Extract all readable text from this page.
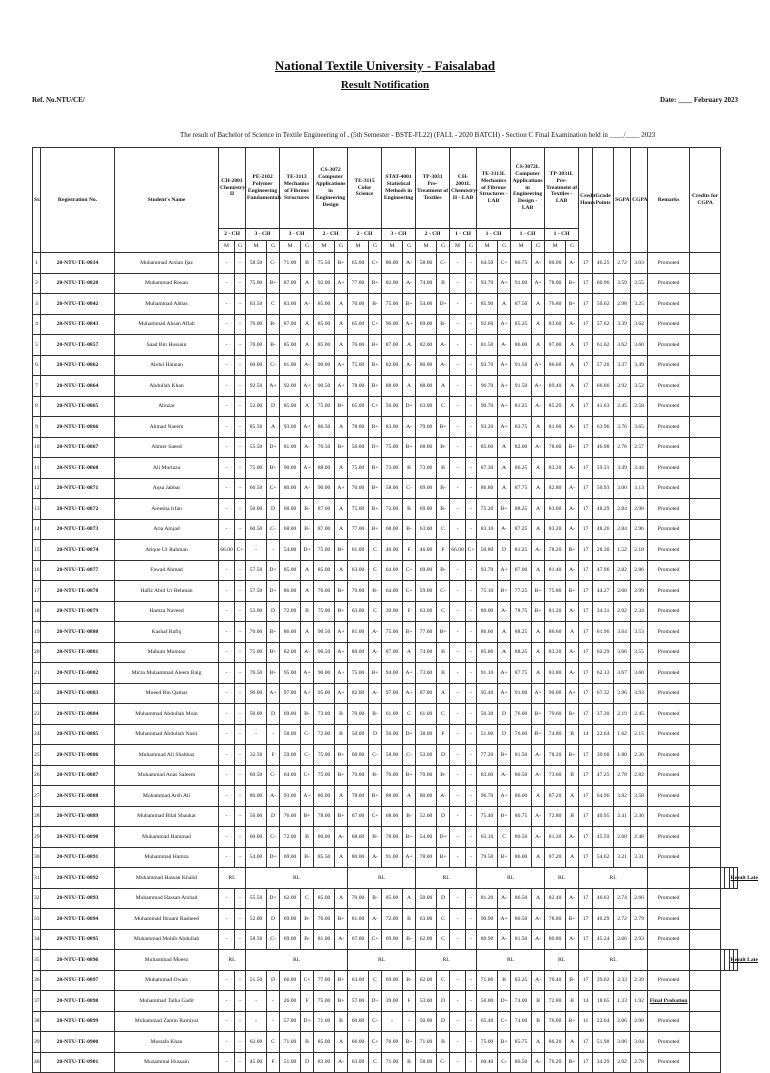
National Textile University - Faisalabad
Result Notification
Ref. No.NTU/CE/	Date: ____ February 2023
The result of Bachelor of Science in Textile Engineering of , (5th Semester - BSTE-FL22) (FALL - 2020 BATCH) - Section C Final Examination held in ____/____ 2023
Sr.	Registration No.	Student's Name	CH-2001 Chemistry-II		PE-2102 Polymer Engineering Fundamentals		TE-3113 Mechanics of Fibrous Structures		CS-3072 Computer Applications in Engineering Design		TE-3115 Color Science		STAT-4001 Statistical Methods in Engineering		TP-3031 Pre-Treatment of Textiles		CH-2001L Chemistry-II - LAB		TE-3113L Mechanics of Fibrous Structures - LAB		CS-3072L Computer Applications in Engineering Design - LAB		TP-3031L Pre-Treatment of Textiles - LAB		Credit Hours	Grade Points	SGPA	CGPA	Remarks	Credits for CGPA				
			2 - CH		3 - CH		3 - CH		2 - CH		2 - CH		3 - CH		2 - CH		1 - CH		1 - CH		1 - CH		1 - CH											
			M	G	M	G	M	G	M	G	M	G	M	G	M	G	M	G	M	G	M	G	M	G										
1	20-NTU-TE-0814	Muhammad Arslan Ijaz	-	-	58.50	C-	71.00	B	75.50	B+	65.00	C+	80.00	A-	58.00	C-	-	-	64.50	C+	80.75	A-	80.00	A-	17	46.25	2.72	3.03	Promoted					
2	20-NTU-TE-0820	Muhammad Rouan	-	-	75.00	B+	87.00	A	92.00	A+	77.00	B+	82.00	A-	74.00	B	-	-	93.70	A+	91.00	A+	78.00	B+	17	60.96	3.59	3.55	Promoted					
3	20-NTU-TE-0842	Muhammad Abbas	-	-	63.50	C	83.00	A-	85.00	A	70.00	B-	75.00	B+	54.00	D+	-	-	85.90	A	87.50	A	76.80	B+	17	50.62	2.98	3.25	Promoted					
4	20-NTU-TE-0843	Muhammad Ahsan Aftab	-	-	70.00	B-	87.00	A	85.00	A	65.00	C+	96.00	A+	69.00	B-	-	-	92.60	A+	85.25	A	83.60	A-	17	57.62	3.39	3.62	Promoted					
5	20-NTU-TE-0857	Saad Bin Hussain	-	-	70.00	B-	85.00	A	85.00	A	76.00	B+	87.00	A	82.00	A-	-	-	81.50	A-	86.00	A	87.00	A	17	61.62	3.62	3.60	Promoted					
6	20-NTU-TE-0862	Abdul Hannan	-	-	60.00	C-	81.00	A-	90.00	A+	75.00	B+	82.00	A-	80.00	A-	-	-	93.70	A+	91.50	A+	86.60	A	17	57.26	3.37	3.49	Promoted					
7	20-NTU-TE-0864	Abdullah Khan	-	-	92.50	A+	92.00	A+	90.50	A+	78.00	B+	88.00	A	88.00	A	-	-	96.70	A+	91.50	A+	89.40	A	17	66.66	3.92	3.52	Promoted					
8	20-NTU-TE-0865	Abuzar	-	-	52.00	D	85.00	A	75.00	B+	65.00	C+	56.00	D+	63.00	C	-	-	90.70	A+	81.25	A-	85.20	A	17	41.63	2.45	2.58	Promoted					
9	20-NTU-TE-0866	Ahmad Naeem	-	-	85.50	A	93.00	A+	86.50	A	78.00	B+	83.00	A-	79.00	B+	-	-	93.20	A+	83.75	A	81.60	A-	17	63.96	3.76	3.65	Promoted					
10	20-NTU-TE-0867	Ahmer Saeed	-	-	55.50	D+	81.00	A-	76.50	B+	56.00	D+	75.00	B+	68.00	B-	-	-	85.60	A	82.00	A-	78.00	B+	17	46.98	2.76	2.57	Promoted					
11	20-NTU-TE-0868	Ali Murtaza	-	-	75.00	B+	90.00	A+	88.00	A	75.00	B+	73.00	B	73.00	B	-	-	87.30	A	86.25	A	83.20	A-	17	59.31	3.49	3.44	Promoted					
12	20-NTU-TE-0871	Aqsa Jabbar	-	-	66.50	C+	80.00	A-	90.00	A+	76.00	B+	58.00	C-	69.00	B-	-	-	86.80	A	87.75	A	82.80	A-	17	50.93	3.00	3.13	Promoted					
13	20-NTU-TE-0872	Areesha Irfan	-	-	50.00	D	68.00	B-	87.00	A	75.00	B+	72.00	B	69.00	B-	-	-	75.20	B+	88.25	A	83.60	A-	17	48.29	2.84	2.98	Promoted					
14	20-NTU-TE-0873	Aria Amjad	-	-	60.50	C-	68.00	B-	87.00	A	77.00	B+	68.00	B-	63.00	C	-	-	83.10	A-	87.25	A	83.20	A-	17	48.26	2.84	2.96	Promoted					
15	20-NTU-TE-0874	Atique Ur Rahman	66.00	C+	-	-	54.00	D+	75.00	B+	61.00	C	40.00	F	46.00	F	66.00	C+	50.80	D	81.25	A-	78.20	B+	17	28.30	1.52	2.18	Promoted					
16	20-NTU-TE-0877	Fawad Ahmad	-	-	57.50	D+	85.00	A	85.00	A	63.00	C	64.00	C+	69.00	B-	-	-	93.70	A+	87.00	A	81.40	A-	17	47.96	2.82	2.86	Promoted					
17	20-NTU-TE-0878	Hafiz Abid Ur Rehman	-	-	57.50	D+	86.00	A	76.00	B+	70.00	B-	64.00	C+	59.00	C-	-	-	75.10	B+	77.25	B+	75.80	B+	17	44.27	2.60	2.99	Promoted					
18	20-NTU-TE-0879	Hamza Naveed	-	-	53.00	D	72.00	B	75.00	B+	63.00	C	39.00	F	63.00	C	-	-	80.00	A-	78.75	B+	81.20	A-	17	34.31	2.02	2.34	Promoted					
19	20-NTU-TE-0880	Kashaf Rafiq	-	-	76.00	B+	86.00	A	90.50	A+	81.00	A-	75.00	B+	77.00	B+	-	-	86.60	A	88.25	A	86.60	A	17	61.96	3.64	3.53	Promoted					
20	20-NTU-TE-0881	Mahum Mumtaz	-	-	75.00	B+	82.00	A-	90.50	A+	80.00	A-	87.00	A	74.00	B	-	-	85.80	A	88.25	A	83.20	A-	17	62.29	3.66	3.55	Promoted					
21	20-NTU-TE-0882	Mirza Muhammad Aleem Baig	-	-	76.50	B+	95.00	A+	90.00	A+	75.00	B+	94.00	A+	73.00	B	-	-	91.10	A+	87.75	A	83.80	A-	17	62.13	3.67	3.60	Promoted					
22	20-NTU-TE-0883	Moeed Bin Qamar	-	-	96.00	A+	97.00	A+	95.00	A+	82.00	A-	97.00	A+	87.00	A	-	-	95.40	A+	91.00	A+	90.00	A+	17	67.32	3.96	3.93	Promoted					
23	20-NTU-TE-0884	Muhammad Abdullah Moin	-	-	50.00	D	69.00	B-	73.00	B	70.00	B-	61.00	C	61.00	C	-	-	50.30	D	76.00	B+	79.60	B+	17	37.30	2.19	2.45	Promoted					
24	20-NTU-TE-0885	Muhammad Abdullah Nasir	-	-	-	-	58.00	C-	72.00	B	50.00	D	56.00	D+	38.00	F	-	-	51.00	D	76.00	B+	74.80	B	14	22.64	1.62	2.15	Promoted					
25	20-NTU-TE-0886	Muhammad Ali Shahbaz	-	-	32.50	F	59.00	C-	75.00	B+	60.00	C-	58.00	C-	53.00	D	-	-	77.20	B+	81.50	A-	78.20	B+	17	30.60	1.80	2.36	Promoted					
26	20-NTU-TE-0887	Muhammad Anas Saleem	-	-	60.50	C-	64.00	C+	75.00	B+	70.00	B-	76.00	B+	70.00	B-	-	-	83.00	A-	80.50	A-	73.60	B	17	47.25	2.78	2.82	Promoted					
27	20-NTU-TE-0888	Muhammad Arsh Ali	-	-	80.00	A-	93.00	A+	86.00	A	78.00	B+	88.00	A	80.00	A-	-	-	96.70	A+	86.00	A	87.20	A	17	64.96	3.82	3.58	Promoted					
28	20-NTU-TE-0889	Muhammad Bilal Shaukat	-	-	50.00	D	76.00	B+	78.00	B+	67.00	C+	68.00	B-	52.00	D	-	-	75.40	B+	80.75	A-	72.80	B	17	40.95	2.41	2.36	Promoted					
29	20-NTU-TE-0890	Muhammad Hammad	-	-	60.00	C-	72.00	B	80.00	A-	68.00	B-	78.00	B+	54.00	D+	-	-	63.10	C	80.50	A-	81.20	A-	17	45.59	2.68	2.46	Promoted					
30	20-NTU-TE-0891	Muhammad Hamza	-	-	54.00	D+	69.00	B-	85.50	A	80.00	A-	91.00	A+	78.00	B+	-	-	79.50	B+	86.00	A	87.20	A	17	54.62	3.21	3.31	Promoted					
31	20-NTU-TE-0892	Muhammad Hassan Khalid	RL		RL						RL				RL				RL				RL		RL								Result Late	
32	20-NTU-TE-0893	Muhammad Hassan Arshad	-	-	55.50	D+	62.00	C	85.00	A	70.00	B-	85.00	A	50.00	D	-	-	81.20	A-	86.50	A	82.40	A-	17	46.63	2.74	2.66	Promoted					
33	20-NTU-TE-0894	Muhammad Ibraam Rasheed	-	-	52.00	D	69.00	B-	76.00	B+	81.00	A-	72.00	B	63.00	C	-	-	90.90	A+	80.50	A-	78.80	B+	17	46.29	2.72	2.79	Promoted					
34	20-NTU-TE-0895	Muhammad Mohib Abdullah	-	-	58.50	C-	69.00	B-	81.00	A-	67.00	C+	69.00	B-	62.00	C	-	-	80.90	A-	81.50	A-	80.80	A-	17	45.24	2.66	2.93	Promoted					
35	20-NTU-TE-0896	Muhammad Moeez	RL		RL						RL				RL				RL				RL		RL								Result Late	
36	20-NTU-TE-0897	Muhammad Owais	-	-	51.50	D	66.00	C+	77.00	B+	63.00	C	69.00	B-	62.00	C	-	-	71.80	B	82.25	A-	70.40	B-	17	39.62	2.33	2.39	Promoted					
37	20-NTU-TE-0898	Muhammad Talha Gadit	-	-	-	-	26.00	F	75.00	B+	57.00	D+	39.00	F	53.00	D	-	-	56.00	D+	74.00	B	72.80	B	14	18.65	1.33	1.92	Final Probation					
38	20-NTU-TE-0899	Muhammad Zamin Ramiyal	-	-	-	-	57.00	D+	71.00	B	60.00	C-	-	-	50.00	D	-	-	65.40	C+	74.00	B	76.00	B+	11	22.64	2.06	2.00	Promoted					
39	20-NTU-TE-0900	Mustafa Khan	-	-	62.00	C	71.00	B	85.00	A	66.00	C+	76.00	B+	71.00	B	-	-	75.00	B+	85.75	A	86.20	A	17	51.98	3.06	3.04	Promoted					
40	20-NTU-TE-0901	Muzammal Hussain	-	-	45.00	F	51.00	D	83.00	A-	63.00	C	71.00	B	58.00	C-	-	-	60.40	C-	80.50	A-	76.20	B+	17	34.29	2.02	2.78	Promoted					
